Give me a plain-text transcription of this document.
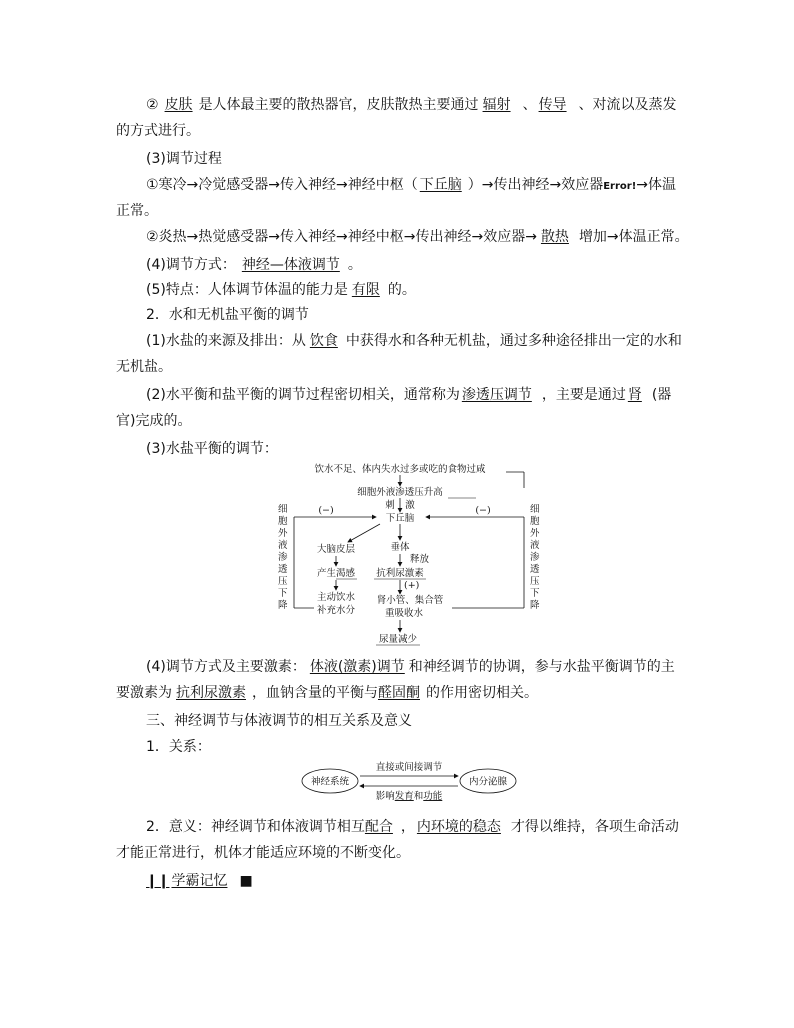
② 皮肤 是人体最主要的散热器官，皮肤散热主要通过 辐射 、 传导 、对流以及蒸发
的方式进行。
(3)调节过程
①寒冷→冷觉感受器→传入神经→神经中枢（ 下丘脑 ）→传出神经→效应器Error!→体温
正常。
②炎热→热觉感受器→传入神经→神经中枢→传出神经→效应器→ 散热 增加→体温正常。
(4)调节方式： 神经—体液调节 。
(5)特点：人体调节体温的能力是 有限 的。
2．水和无机盐平衡的调节
(1)水盐的来源及排出：从 饮食 中获得水和各种无机盐，通过多种途径排出一定的水和
无机盐。
(2)水平衡和盐平衡的调节过程密切相关，通常称为 渗透压调节 ，主要是通过 肾 (器
官)完成的。
(3)水盐平衡的调节：
饮水不足、体内失水过多或吃的食物过咸
细胞外液渗透压升高
刺 激
下丘脑
(−)	(−)
细
胞
外
液
渗
透
压
下
降
细
胞
外
液
渗
透
压
下
降
大脑皮层
产生渴感
主动饮水
补充水分
垂体
释放
抗利尿激素
(+)
肾小管、集合管
重吸收水
尿量减少
(4)调节方式及主要激素： 体液(激素)调节 和神经调节的协调，参与水盐平衡调节的主
要激素为 抗利尿激素 ，血钠含量的平衡与醛固酮 的作用密切相关。
三、神经调节与体液调节的相互关系及意义
1．关系：
神经系统	内分泌腺
直接或间接调节
影响发育和功能
2．意义：神经调节和体液调节相互配合 ， 内环境的稳态 才得以维持，各项生命活动
才能正常进行，机体才能适应环境的不断变化。
❙❙ 学霸记忆 ■
